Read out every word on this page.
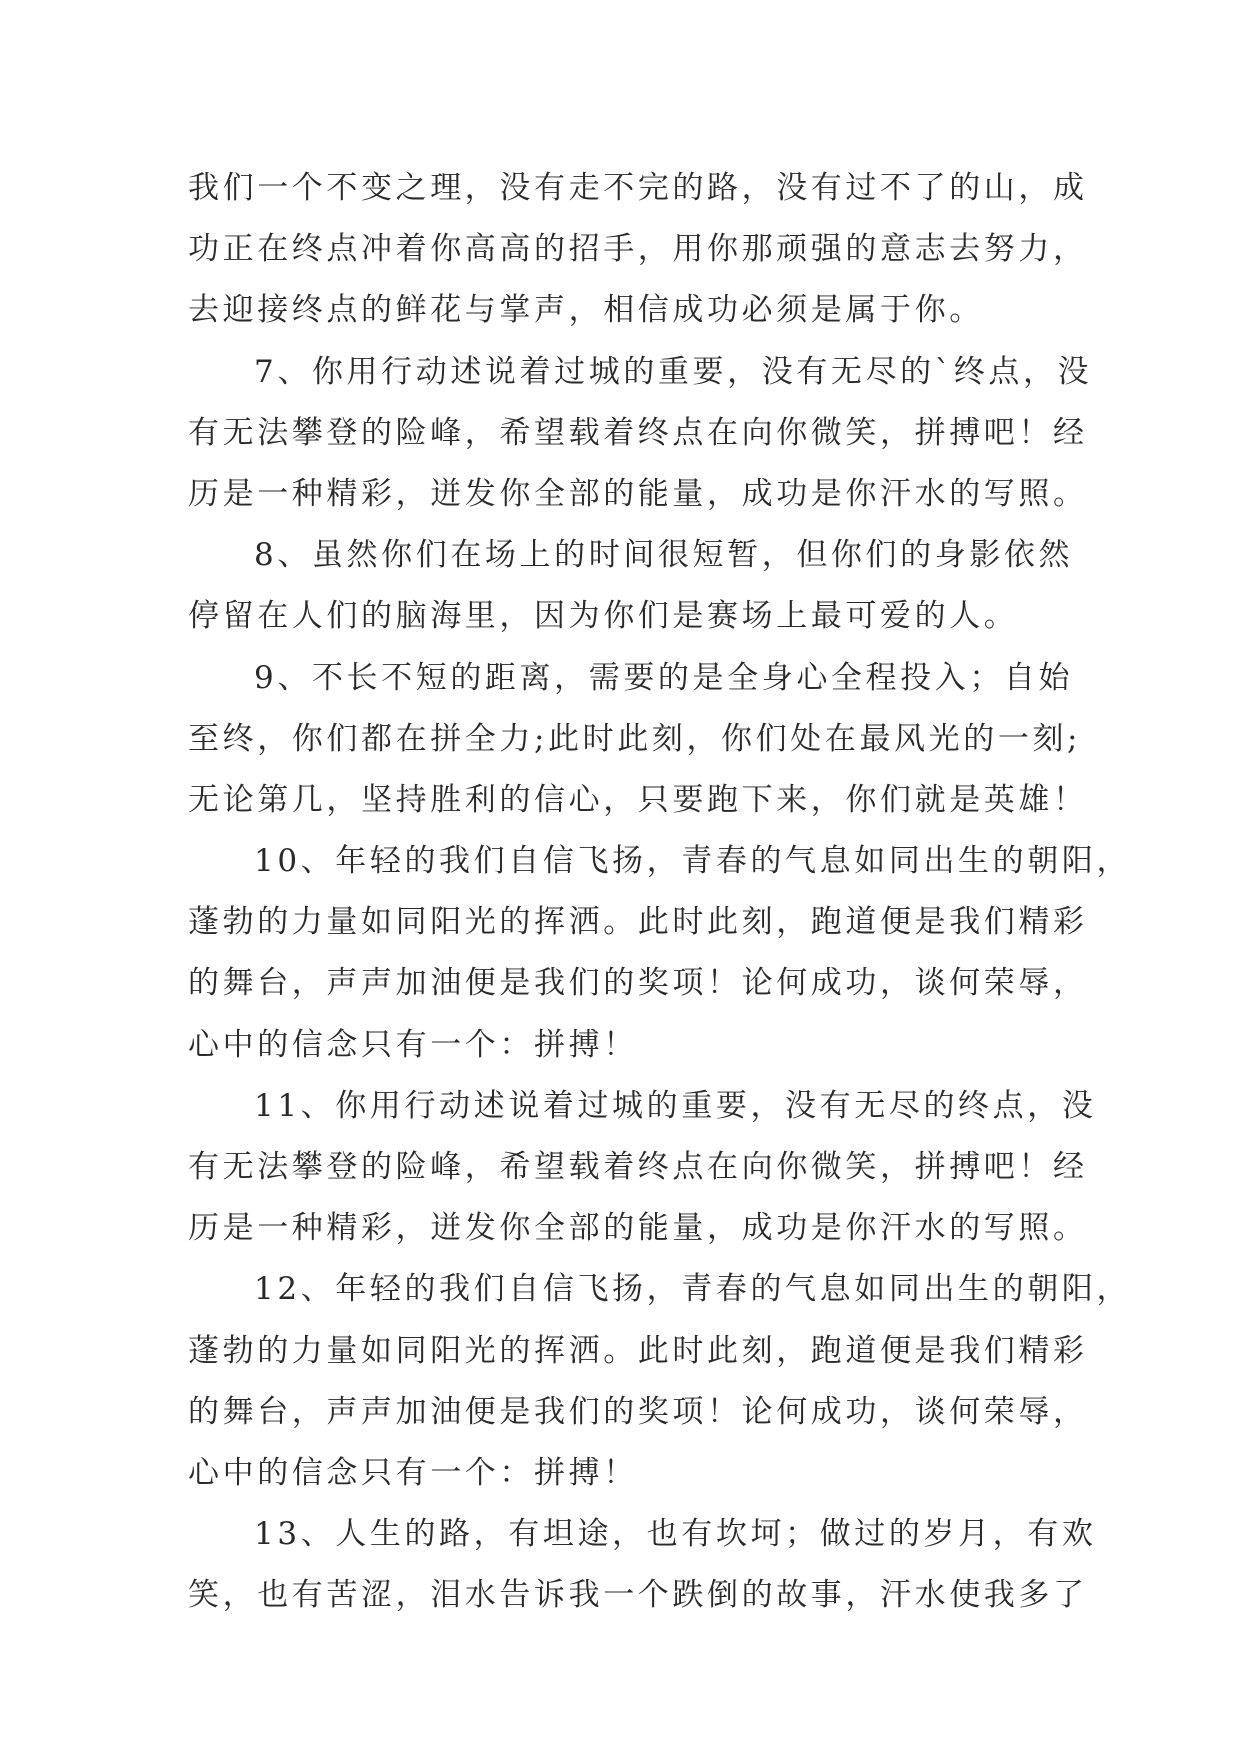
我们一个不变之理，没有走不完的路，没有过不了的山，成
功正在终点冲着你高高的招手，用你那顽强的意志去努力，
去迎接终点的鲜花与掌声，相信成功必须是属于你。
7、你用行动述说着过城的重要，没有无尽的`终点，没
有无法攀登的险峰，希望载着终点在向你微笑，拼搏吧！经
历是一种精彩，迸发你全部的能量，成功是你汗水的写照。
8、虽然你们在场上的时间很短暂，但你们的身影依然
停留在人们的脑海里，因为你们是赛场上最可爱的人。
9、不长不短的距离，需要的是全身心全程投入；自始
至终，你们都在拼全力;此时此刻，你们处在最风光的一刻;
无论第几，坚持胜利的信心，只要跑下来，你们就是英雄！
10、年轻的我们自信飞扬，青春的气息如同出生的朝阳，
蓬勃的力量如同阳光的挥洒。此时此刻，跑道便是我们精彩
的舞台，声声加油便是我们的奖项！论何成功，谈何荣辱，
心中的信念只有一个：拼搏！
11、你用行动述说着过城的重要，没有无尽的终点，没
有无法攀登的险峰，希望载着终点在向你微笑，拼搏吧！经
历是一种精彩，迸发你全部的能量，成功是你汗水的写照。
12、年轻的我们自信飞扬，青春的气息如同出生的朝阳，
蓬勃的力量如同阳光的挥洒。此时此刻，跑道便是我们精彩
的舞台，声声加油便是我们的奖项！论何成功，谈何荣辱，
心中的信念只有一个：拼搏！
13、人生的路，有坦途，也有坎坷；做过的岁月，有欢
笑，也有苦涩，泪水告诉我一个跌倒的故事，汗水使我多了
